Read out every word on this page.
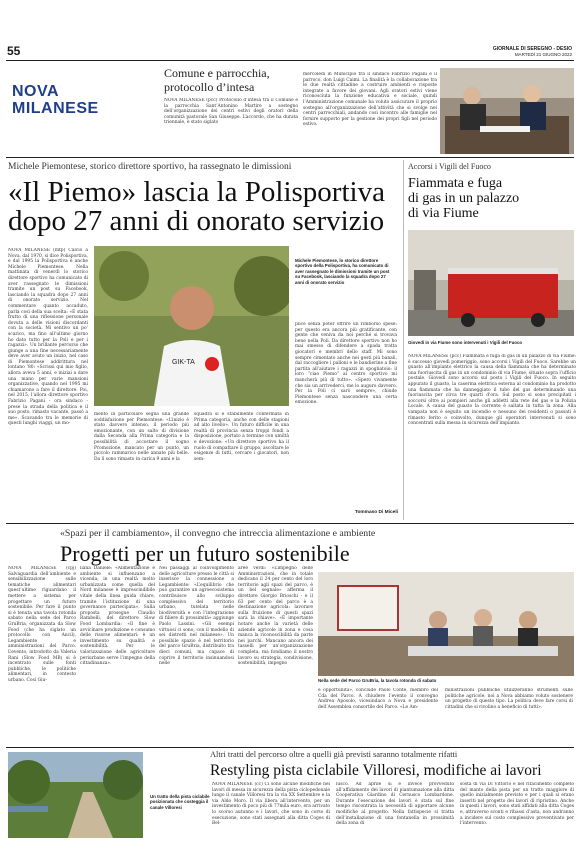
55	GIORNALE DI SEREGNO - DESIO
MARTEDÌ 21 GIUGNO 2022
NOVA
MILANESE
Comune e parrocchia,
protocollo d’intesa
NOVA MILANESE (pcc) Protocollo d’intesa tra il Comune e la parrocchia Sant’Antonino Martire a sostegno dell’organizzazione dei centri estivi degli oratori della comunità pastorale San Giuseppe. L’accordo, che ha durata triennale, è stato siglato
mercoledì in Municipio tra il sindaco Fabrizio Pagani e il parroco, don Luigi Caimi. La finalità è la collaborazione tra le due realtà cittadine a costruire ambienti e risposte integrate a favore dei giovani. Agli oratori estivi viene riconosciuta la funzione educativa e sociale, quindi l’Amministrazione comunale ha voluto assicurare il proprio sostegno all’organizzazione dell’attività che si svolge nei centri parrocchiali, andando così incontro alle famiglie nel fornire supporto per la gestione dei propri figli nel periodo estivo.
Michele Piemontese, storico direttore sportivo, ha rassegnato le dimissioni
«Il Piemo» lascia la Polisportiva
dopo 27 anni di onorato servizio
NOVA MILANESE (mtp) Calcio a Nova, dal 1970, si dice Polisportiva, e dal 1995 la Polisportiva è anche Michele Piemontese. Nella mattinata di venerdì lo storico direttore sportivo ha comunicato di aver rassegnato le dimissioni tramite un post su Facebook, lasciando la squadra dopo 27 anni di onorato servizio. Nel commentare quanto accaduto, parla così della sua scelta: «È stata frutto di una riflessione personale dovuta a delle visioni discordanti con la società. Mi sentivo un po’ scarico, ma fino all’ultimo giorno ho dato tutto per la Poli e per i ragazzi». Un brillante percorso che giunge a una fine necessariamente deve aver avuto un inizio, nel caso di Piemontese addirittura nel lontano ’80: «Scrissi qui mio figlio, allora aveva 5 anni, e iniziai a dare una mano per varie mansioni organizzative, quando nel 1995 mi chiamarono a fare il direttore. Poi, nel 2015, l’allora direttore sportivo Fabrizio Pagani - ora sindaco - prese la strada della politica e il suo posto, rimasto vacante, passò a me». Scavando tra le memorie di questi lunghi viaggi, un mo-
GIK-TA
Michele Piemontese, lo storico direttore sportivo della Polisportiva, ha comunicato di aver rassegnato le dimissioni tramite un post su Facebook, lasciando la squadra dopo 27 anni di onorato servizio
mento in particolare segna una grande soddisfazione per Piemontese: «L’inizio è stato davvero intenso, il periodo più emozionante, con un salto di divisione dalla Seconda alla Prima categoria e la possibilità di accostare il sogno Promozione, mancato per un punto, un piccolo rammarico nelle annate più belle. Da lì sono rimasto in carica 9 anni e la
squadra si è stabilmente confermata in Prima categoria, anche con delle stagioni ad alto livello». Un futuro difficile in una realtà di provincia senza troppi fondi a disposizione, portato a termine con umiltà e devozione: «Un direttore sportivo ha il ruolo di compattare il gruppo, ascoltare le esigenze di tutti, cercare i giocatori, non sem-
plice senza poter offrire un rimborso spese: per questo era ancora più gratificante, con gente che veniva da noi perché si trovava bene nella Poli. Da direttore sportivo non ho mai smesso di difendere a spada tratta giocatori e membri dello staff. Mi sono sempre cimentato anche nei gesti più banali, dal raccogliere i palloni e le bandierine a fine partita all’aiutare i ragazzi in spogliatoio: il loro “ciao Piemo” al centro sportivo mi mancherà più di tutto». «Spero vivamente che sia un arrivederci, me lo auguro davvero. Per la Poli ci sarò sempre», chiude Piemontese senza nascondere una certa emozione.
Tommaso Di Miceli
Accorsi i Vigili del Fuoco
Fiammata e fuga
di gas in un palazzo
di via Fiume
Giovedì in via Fiume sono intervenuti i Vigili del Fuoco
NOVA MILANESE (pcc) Fiammata e fuga di gas in un palazzo di via Fiume: è successo giovedì pomeriggio, sono accorsi i Vigili del Fuoco. Sarebbe un guasto all’impianto elettrico la causa della fiammata che ha determinato una fuoriuscita di gas in un condominio di via Fiume, situato sopra l’ufficio postale. Giovedì sono accorsi sul posto i Vigili del Fuoco. In seguito appurato il guasto, la caserma elettrica esterna al condominio ha prodotto una fiammata che ha danneggiato il tubo del gas determinando una fuoriuscita per circa tre quarti d’ora. Sul posto si sono precipitati i soccorsi oltre ai pompieri anche gli addetti alla rete del gas e la Polizia Locale. A causa del guasto la corrente è saltata in tutta la zona. Alla vampata non è seguito un incendio e nessuno dei residenti o passati è rimasto ferito o coinvolto, dunque gli operatori intervenuti si sono concentrati sulla messa in sicurezza dell’impianto.
«Spazi per il cambiamento», il convegno che intreccia alimentazione e ambiente
Progetti per un futuro sostenibile
NOVA MILANESE (cpj) Salvaguardia dell’ambiente e sensibilizzazione sulle tematiche alimentari quest’ultime riguardano il mettere a sistema per progettare un futuro sostenibile. Per fare il punto si è tenuta una tavola rotonda sabato nella sede del Parco GruBria, organizzata da Slow Food (che ha siglato un protocollo con Ancil), Legambiente e amministrazioni del Parco. L’evento, introdotto da Valeria Rani (Slow Food MB) si è incentrato sulle fonti pubbliche, le politiche alimentari, in contesto urbano. Così Giu-
liana Daniele: «Alimentazione e ambiente si influenzano a vicenda; in una realtà molto urbanizzata come quella del Nord milanese è imprescindibile vitale della linea guida chiare, tramite l’istituzione di una governance partecipata». Sulla proposta prosegue Claudio Rambelli, del direttore Slow Food Lombardia: «Il fine è avvicinare produzione e consumo delle risorse alimentari: è un investimento su qualità e sostenibilità. Per le valorizzazione delle agricolture periurbane serve l’impegno della cittadinanza».
Nei passaggi al coinvolgimento delle agricolture presso le città si inserisce la connessione a Legambiente: «L’equilibrio che può garantire un agroecosistema contribuisce allo sviluppo complessivo del territorio urbano, tutelata nelle biodiversità e con l’integrazione di filiere di prossimità» aggiunge Paolo Lassini. «Gli esempi virtuosi ci sono, con il modello di sei distretti nel milanese». Un possibile spazio è nel territorio del parco GruBria, distribuito tra dieci comuni, ma capace di coprire il territorio insinuandosi nelle
aree verdi: «L’impegno delle Amministrazioni, che in totale dedicano il 24 per cento del loro territorio agli spazi del parco, è un bel segnale» afferma il direttore Giorgio Brioschi - e il 63 per cento del parco è a destinazione agricola: lavorare sulla fruizione di questi spazi sarà la chiave». «È importante notare anche la varietà delle aziende agricole in zona e cosa manca la riconoscibilità da parte nei parchi. Mancano ancora dei tasselli per un’organizzazione completa, ma fondiamo il nostro lavoro su strategia, condivisione, sostenibilità, impegno
Nella sede del Parco GruBria, la tavola rotonda di sabato
e opportunità», conclude Paolo Conte, membro del Cda del Parco. A chiudere l’evento il convegno Andrea Aposolo, vicesindaco a Nova e presidente dell’Assemblea consortile del Parco. «Le Am-
ministrazioni pubbliche utilizzeranno strumenti sulle politiche agricole, noi a Nova abbiamo voluto sostenere un progetto di questo tipo. La politica deve fare corsi di cittadini che si rivolino a beneficio di tutti».
Altri tratti del percorso oltre a quelli già previsti saranno totalmente rifatti
Restyling pista ciclabile Villoresi, modifiche ai lavori
Un tratto della pista ciclabile posizionata che costeggia il canale Villoresi
NOVA MILANESE (cc) Ci sono alcune modifiche nei lavori di messa in sicurezza della pista ciclopedonale lungo il canale Villoresi tra la via XX Settembre e la via Aldo Moro. Il via libera all’intervento, per un investimento di poco più di 77mila euro, era arrivato lo scorso autunno e i lavori, che sono in corso di esecuzione, sono stati assegnati alla ditta Coges di Bel-
lusco. Ad aprile si è invece provveduto all’affidamento dei lavori di piantumazione alla ditta Cooperativa Giardino di Cernusco Lombardone. Durante l’esecuzione dei lavori è stata sul fine tempo riscontrata la necessità di apportare alcune modifiche al progetto. Nella fattispecie si tratta dell’installazione di una fontanella in prossimità della zona di
sosta di via Di Vittorio e nel rifacimento completo del manto della pista per un tratto maggiore di quello inizialmente previsto e per i quali si erano inseriti nel progetto dei lavori di ripristino. Anche in questi i lavori, sono stati affidati alla ditta Coges e, attraverso sconti e ribassi d’asta, non andranno a incidere sul costo complessivo preventivato per l’intervento.
